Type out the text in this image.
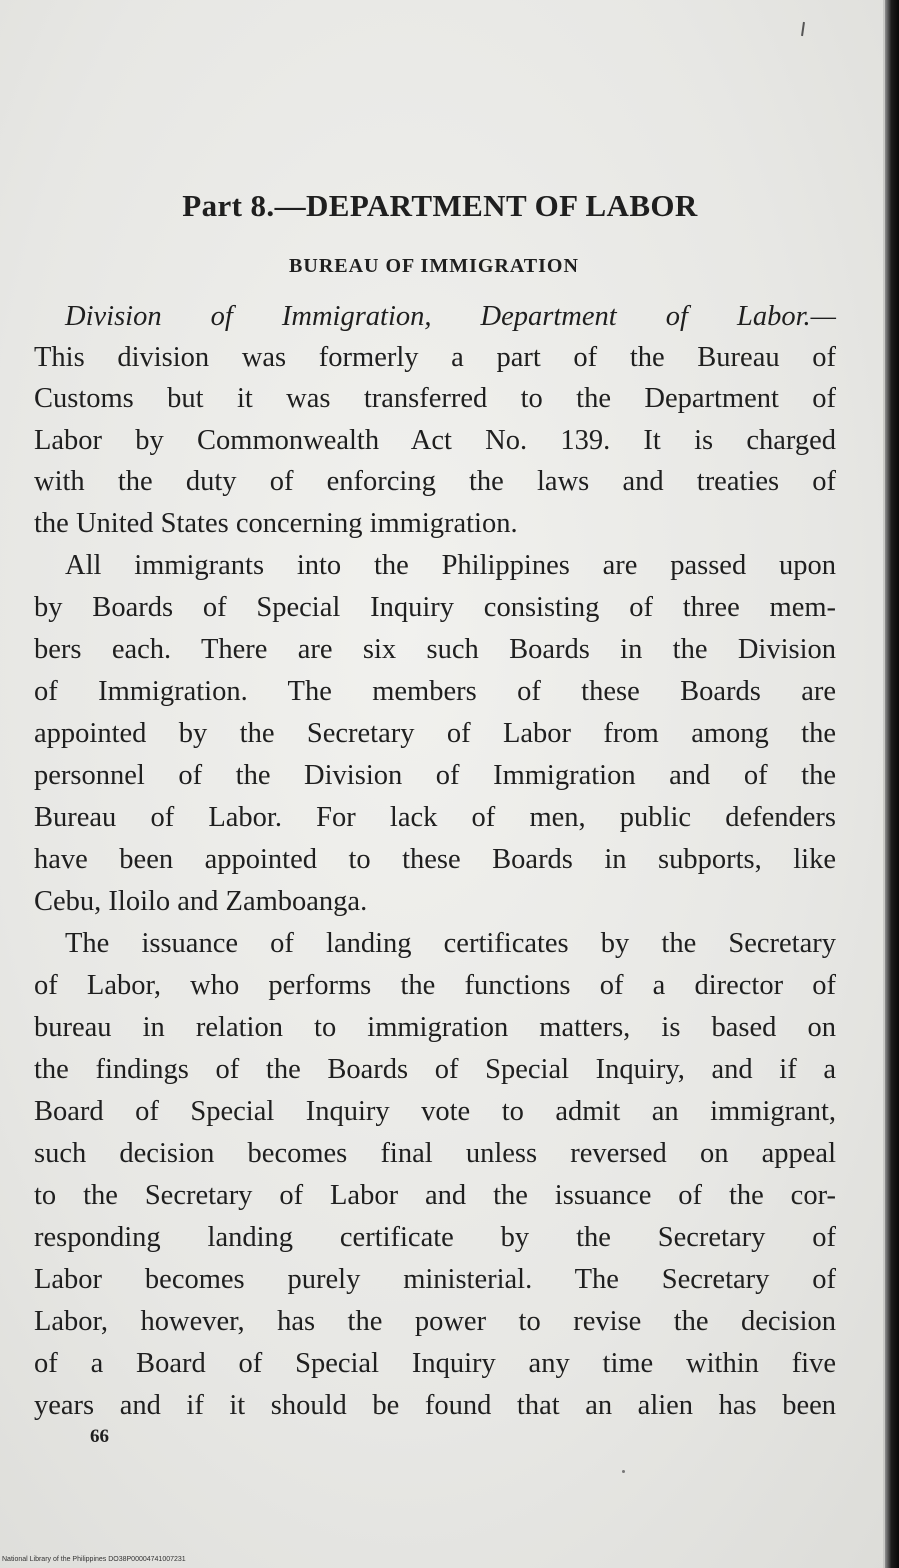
Part 8.—DEPARTMENT OF LABOR
BUREAU OF IMMIGRATION
Division of Immigration, Department of Labor.—
This division was formerly a part of the Bureau of
Customs but it was transferred to the Department of
Labor by Commonwealth Act No. 139. It is charged
with the duty of enforcing the laws and treaties of
the United States concerning immigration.
All immigrants into the Philippines are passed upon
by Boards of Special Inquiry consisting of three mem-
bers each. There are six such Boards in the Division
of Immigration. The members of these Boards are
appointed by the Secretary of Labor from among the
personnel of the Division of Immigration and of the
Bureau of Labor. For lack of men, public defenders
have been appointed to these Boards in subports, like
Cebu, Iloilo and Zamboanga.
The issuance of landing certificates by the Secretary
of Labor, who performs the functions of a director of
bureau in relation to immigration matters, is based on
the findings of the Boards of Special Inquiry, and if a
Board of Special Inquiry vote to admit an immigrant,
such decision becomes final unless reversed on appeal
to the Secretary of Labor and the issuance of the cor-
responding landing certificate by the Secretary of
Labor becomes purely ministerial. The Secretary of
Labor, however, has the power to revise the decision
of a Board of Special Inquiry any time within five
years and if it should be found that an alien has been
66
National Library of the Philippines DO38P00004741007231
